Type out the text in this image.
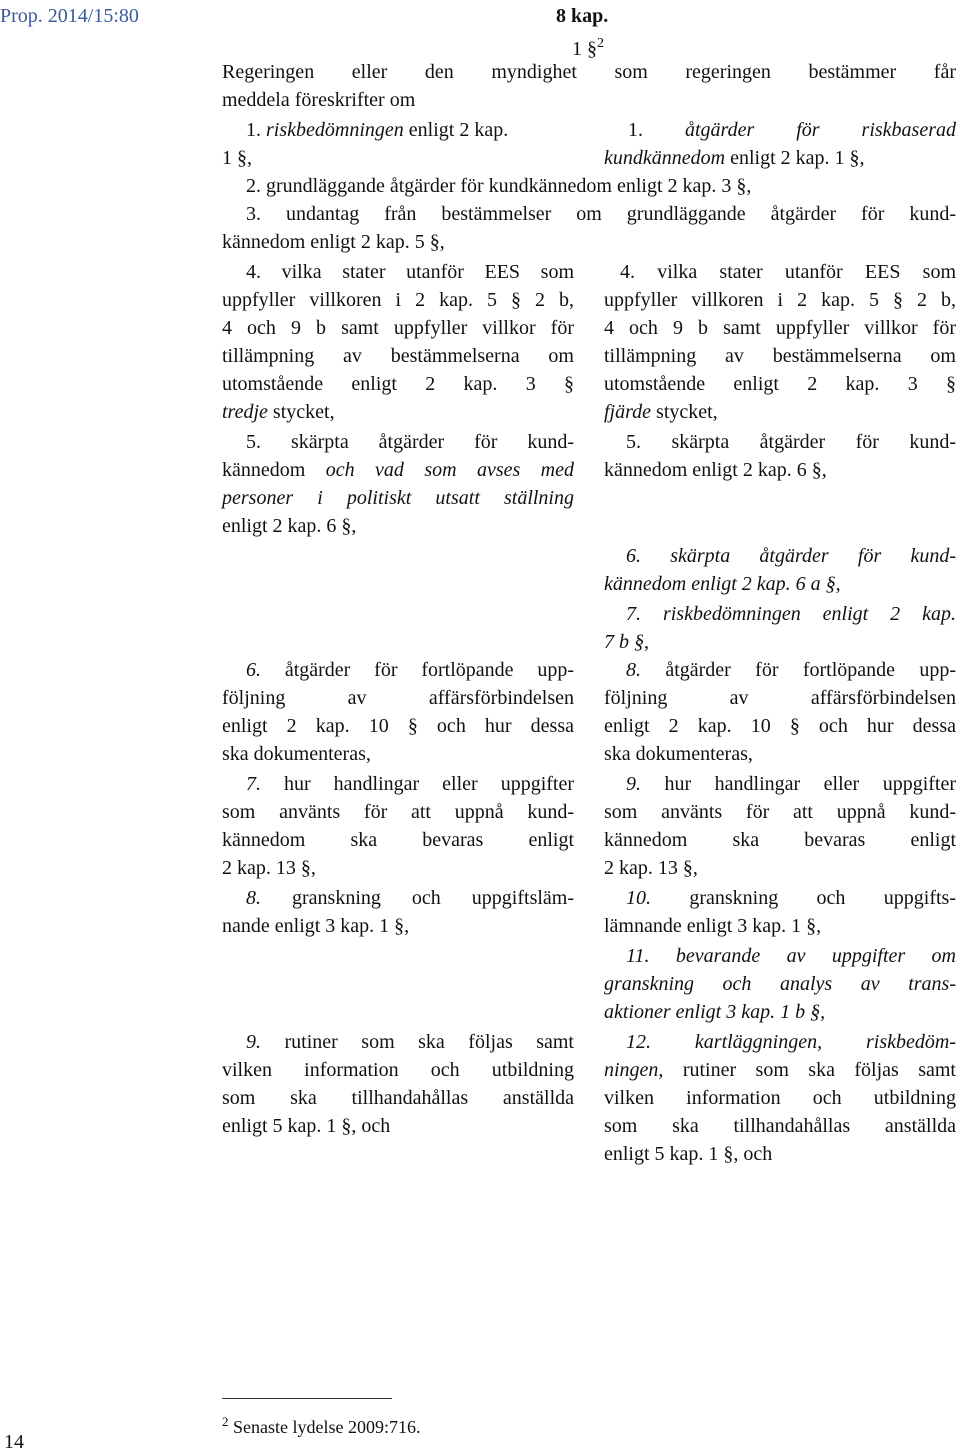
Prop. 2014/15:80	8 kap.
1 §$^2$
Regeringen eller den myndighet som regeringen bestämmer får
meddela föreskrifter om
1. riskbedömningen enligt 2 kap.
1 §,
1. åtgärder för riskbaserad
kundkännedom enligt 2 kap. 1 §,
2. grundläggande åtgärder för kundkännedom enligt 2 kap. 3 §,
3. undantag från bestämmelser om grundläggande åtgärder för kund-
kännedom enligt 2 kap. 5 §,
4. vilka stater utanför EES som
uppfyller villkoren i 2 kap. 5 § 2 b,
4 och 9 b samt uppfyller villkor för
tillämpning av bestämmelserna om
utomstående enligt 2 kap. 3 §
tredje stycket,
5. skärpta åtgärder för kund-
kännedom och vad som avses med
personer i politiskt utsatt ställning
enligt 2 kap. 6 §,
6. åtgärder för fortlöpande upp-
följning av affärsförbindelsen
enligt 2 kap. 10 § och hur dessa
ska dokumenteras,
7. hur handlingar eller uppgifter
som använts för att uppnå kund-
kännedom ska bevaras enligt
2 kap. 13 §,
8. granskning och uppgiftsläm-
nande enligt 3 kap. 1 §,
9. rutiner som ska följas samt
vilken information och utbildning
som ska tillhandahållas anställda
enligt 5 kap. 1 §, och
4. vilka stater utanför EES som
uppfyller villkoren i 2 kap. 5 § 2 b,
4 och 9 b samt uppfyller villkor för
tillämpning av bestämmelserna om
utomstående enligt 2 kap. 3 §
fjärde stycket,
5. skärpta åtgärder för kund-
kännedom enligt 2 kap. 6 §,
6. skärpta åtgärder för kund-
kännedom enligt 2 kap. 6 a §,
7. riskbedömningen enligt 2 kap.
7 b §,
8. åtgärder för fortlöpande upp-
följning av affärsförbindelsen
enligt 2 kap. 10 § och hur dessa
ska dokumenteras,
9. hur handlingar eller uppgifter
som använts för att uppnå kund-
kännedom ska bevaras enligt
2 kap. 13 §,
10. granskning och uppgifts-
lämnande enligt 3 kap. 1 §,
11. bevarande av uppgifter om
granskning och analys av trans-
aktioner enligt 3 kap. 1 b §,
12. kartläggningen, riskbedöm-
ningen, rutiner som ska följas samt
vilken information och utbildning
som ska tillhandahållas anställda
enligt 5 kap. 1 §, och
$^2$ Senaste lydelse 2009:716.
14
